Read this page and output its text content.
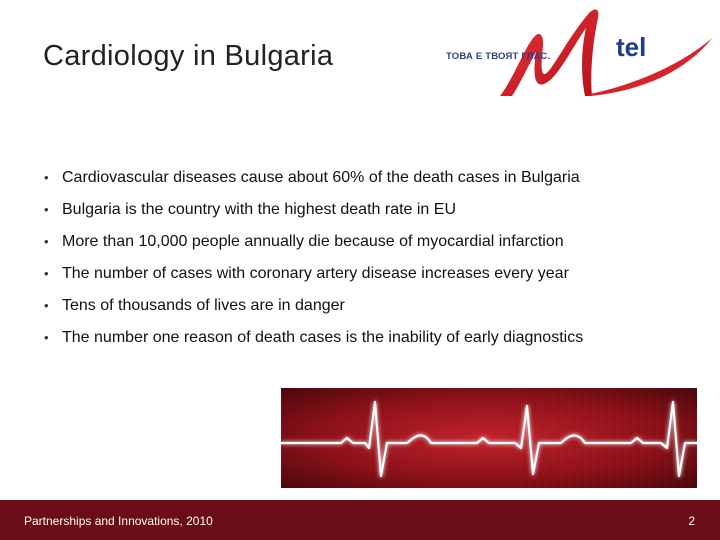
Cardiology in Bulgaria	tel
ТОВА Е ТВОЯТ ГЛАС.
• Cardiovascular diseases cause about 60% of the death cases in Bulgaria
• Bulgaria is the country with the highest death rate in EU
• More than 10,000 people annually die because of myocardial infarction
• The number of cases with coronary artery disease increases every year
• Tens of thousands of lives are in danger
• The number one reason of death cases is the inability of early diagnostics
Partnerships and Innovations, 2010	2
